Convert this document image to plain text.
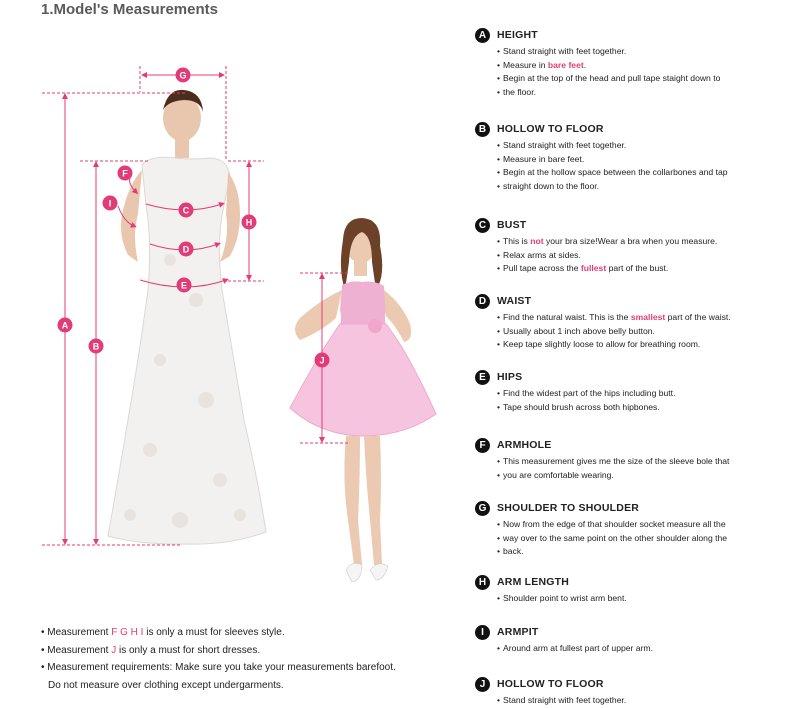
1.Model's Measurements
A
B
C
D
E
F
G
H
I
J
• Measurement F G H I is only a must for sleeves style.
• Measurement J is only a must for short dresses.
• Measurement requirements: Make sure you take your measurements barefoot.
Do not measure over clothing except undergarments.
A	HEIGHT
• Stand straight with feet together.
• Measure in bare feet.
• Begin at the top of the head and pull tape staight down to
• the floor.
B	HOLLOW TO FLOOR
• Stand straight with feet together.
• Measure in bare feet.
• Begin at the hollow space between the collarbones and tap
• straight down to the floor.
C	BUST
• This is not your bra size!Wear a bra when you measure.
• Relax arms at sides.
• Pull tape across the fullest part of the bust.
D	WAIST
• Find the natural waist. This is the smallest part of the waist.
• Usually about 1 inch above belly button.
• Keep tape slightly loose to allow for breathing room.
E	HIPS
• Find the widest part of the hips including butt.
• Tape should brush across both hipbones.
F	ARMHOLE
• This measurement gives me the size of the sleeve bole that
• you are comfortable wearing.
G	SHOULDER TO SHOULDER
• Now from the edge of that shoulder socket measure all the
• way over to the same point on the other shoulder along the
• back.
H	ARM LENGTH
• Shoulder point to wrist arm bent.
I	ARMPIT
• Around arm at fullest part of upper arm.
J	HOLLOW TO FLOOR
• Stand straight with feet together.
